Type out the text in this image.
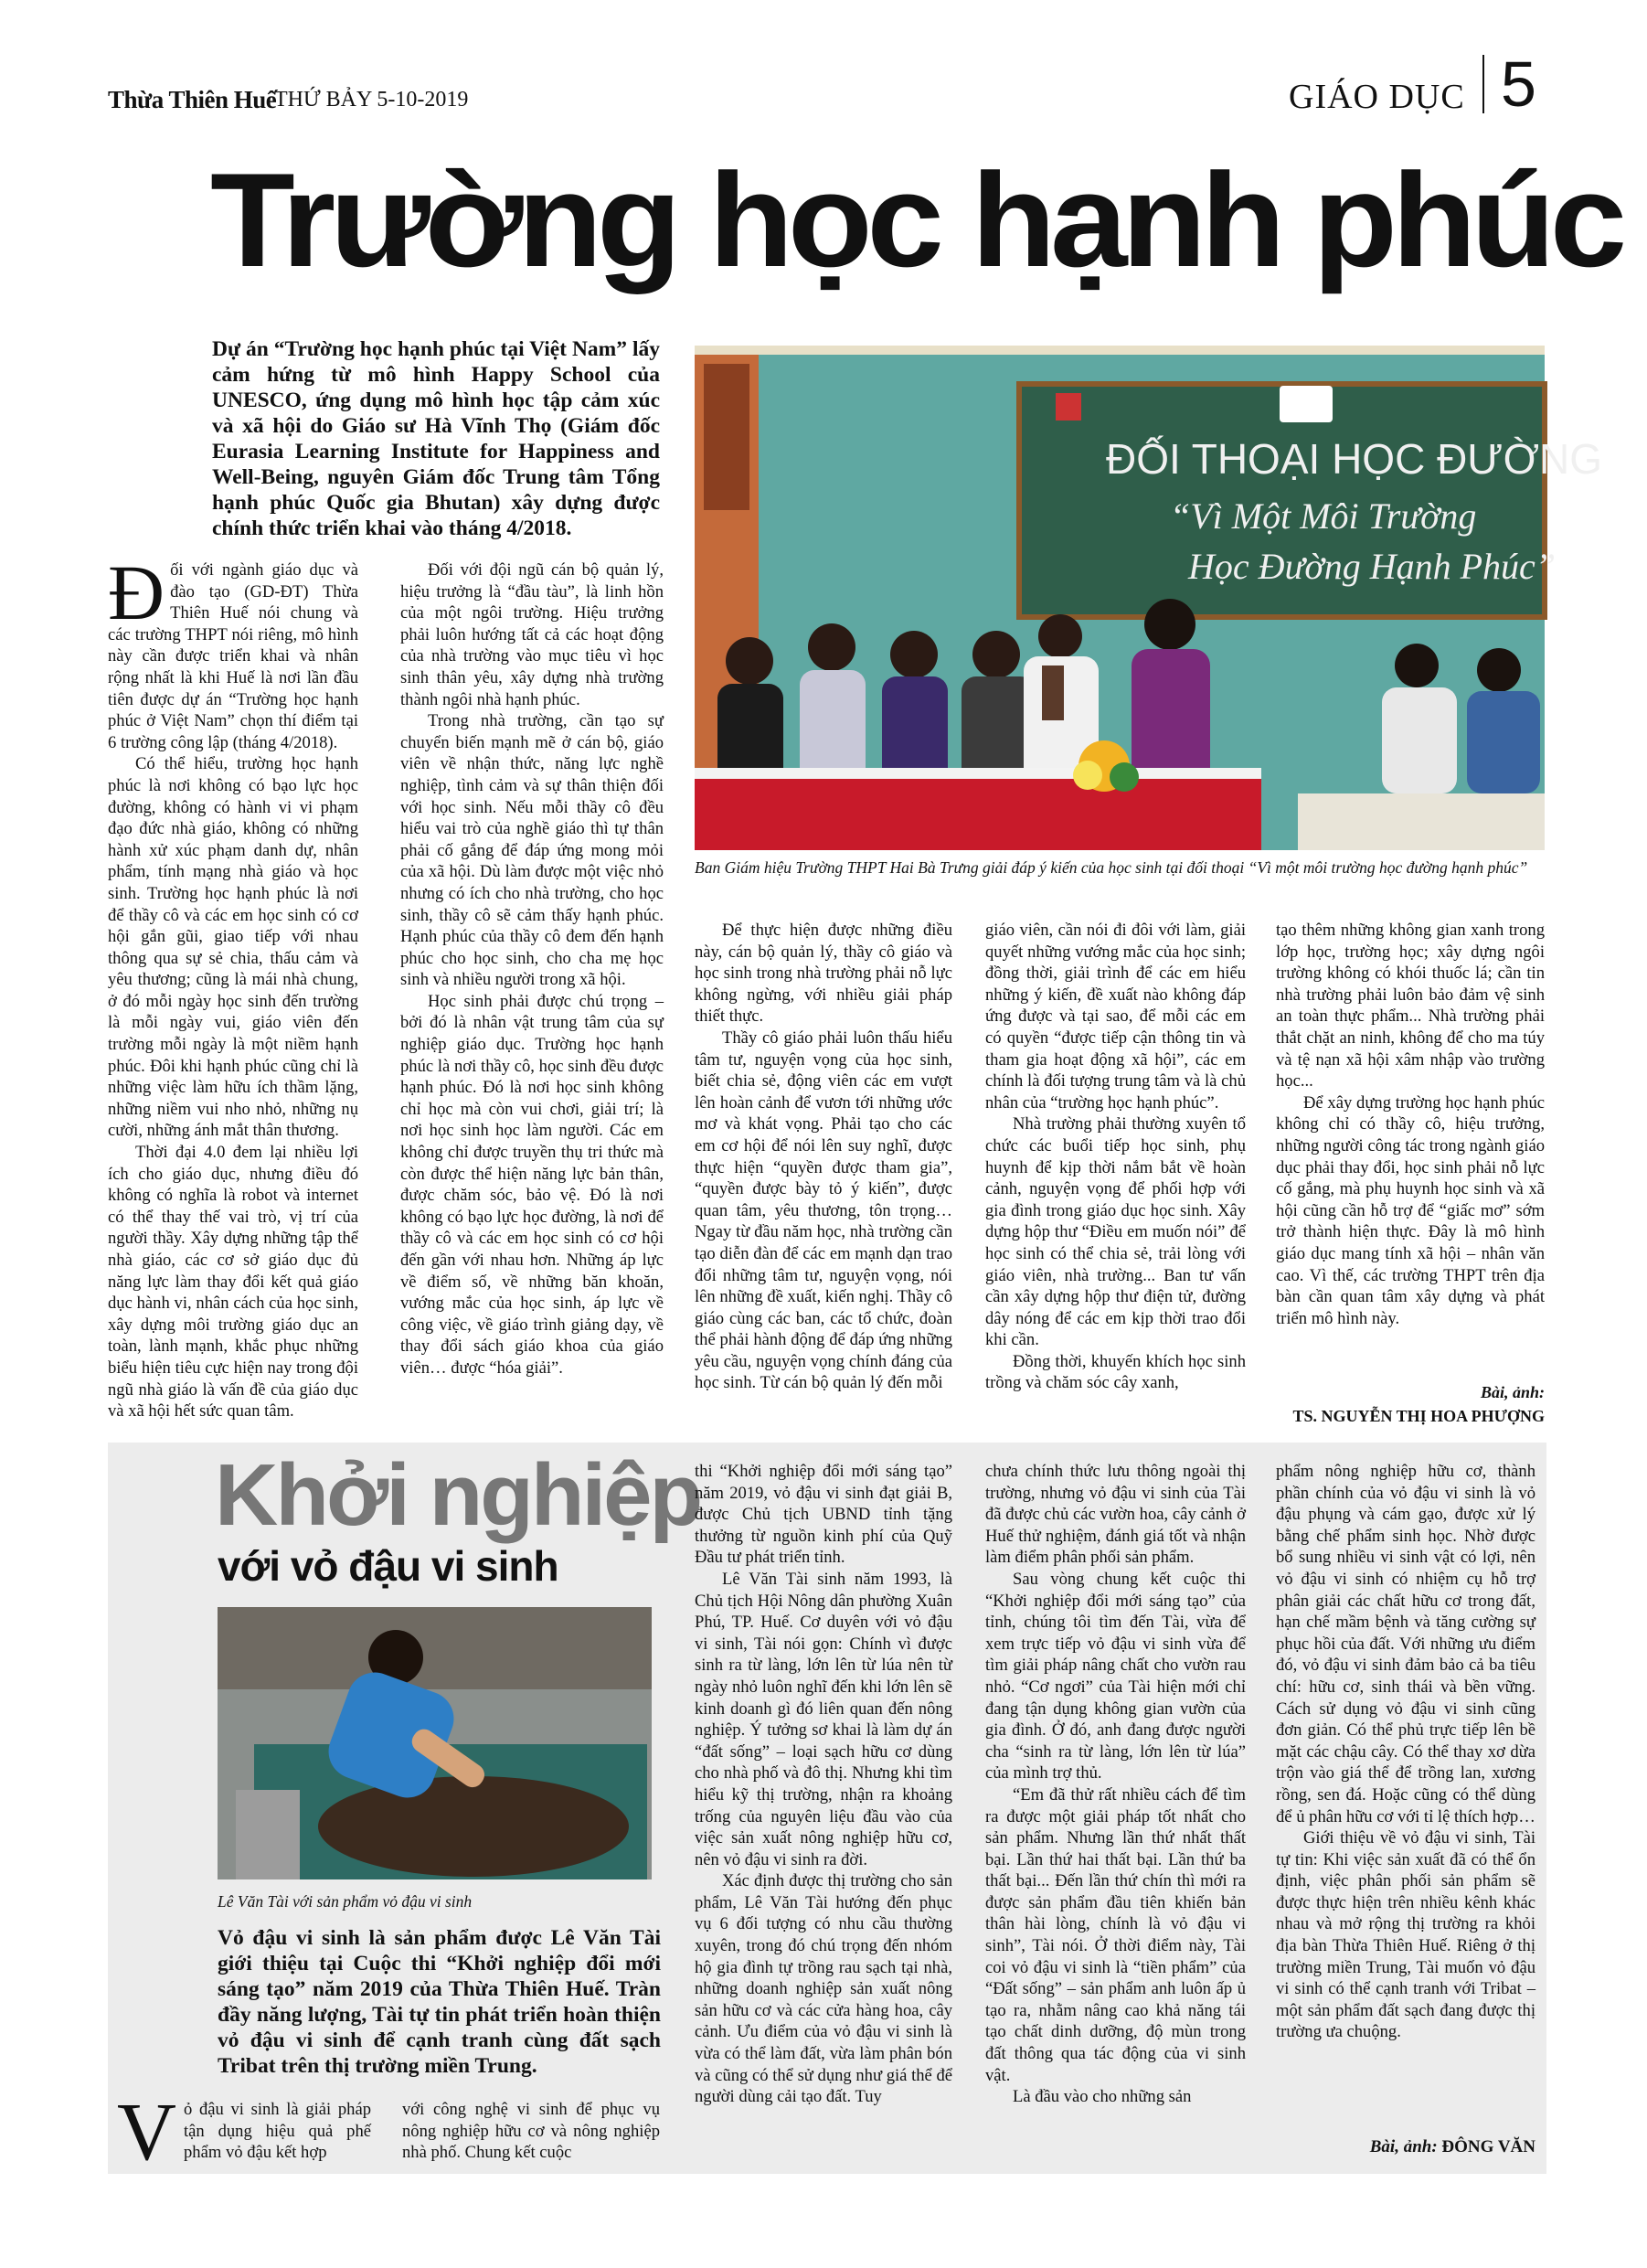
Thừa Thiên Huế
THỨ BẢY 5-10-2019	GIÁO DỤC 5
Trường học hạnh phúc
Dự án “Trường học hạnh phúc tại Việt Nam” lấy cảm hứng từ mô hình Happy School của UNESCO, ứng dụng mô hình học tập cảm xúc và xã hội do Giáo sư Hà Vĩnh Thọ (Giám đốc Eurasia Learning Institute for Happiness and Well-Being, nguyên Giám đốc Trung tâm Tổng hạnh phúc Quốc gia Bhutan) xây dựng được chính thức triển khai vào tháng 4/2018.
ĐỐI THOẠI HỌC ĐƯỜNG
“Vì Một Môi Trường
Học Đường Hạnh Phúc”
Ban Giám hiệu Trường THPT Hai Bà Trưng giải đáp ý kiến của học sinh tại đối thoại “Vì một môi trường học đường hạnh phúc”

Đối với ngành giáo dục và đào tạo (GD-ĐT) Thừa Thiên Huế nói chung và các trường THPT nói riêng, mô hình này cần được triển khai và nhân rộng nhất là khi Huế là nơi lần đầu tiên được dự án “Trường học hạnh phúc ở Việt Nam” chọn thí điểm tại 6 trường công lập (tháng 4/2018).

Có thể hiểu, trường học hạnh phúc là nơi không có bạo lực học đường, không có hành vi vi phạm đạo đức nhà giáo, không có những hành xử xúc phạm danh dự, nhân phẩm, tính mạng nhà giáo và học sinh. Trường học hạnh phúc là nơi để thầy cô và các em học sinh có cơ hội gắn gũi, giao tiếp với nhau thông qua sự sẻ chia, thấu cảm và yêu thương; cũng là mái nhà chung, ở đó mỗi ngày học sinh đến trường là mỗi ngày vui, giáo viên đến trường mỗi ngày là một niềm hạnh phúc. Đôi khi hạnh phúc cũng chỉ là những việc làm hữu ích thầm lặng, những niềm vui nho nhỏ, những nụ cười, những ánh mắt thân thương.

Thời đại 4.0 đem lại nhiều lợi ích cho giáo dục, nhưng điều đó không có nghĩa là robot và internet có thể thay thế vai trò, vị trí của người thầy. Xây dựng những tập thể nhà giáo, các cơ sở giáo dục đủ năng lực làm thay đổi kết quả giáo dục hành vi, nhân cách của học sinh, xây dựng môi trường giáo dục an toàn, lành mạnh, khắc phục những biểu hiện tiêu cực hiện nay trong đội ngũ nhà giáo là vấn đề của giáo dục và xã hội hết sức quan tâm.

Đối với đội ngũ cán bộ quản lý, hiệu trưởng là “đầu tàu”, là linh hồn của một ngôi trường. Hiệu trưởng phải luôn hướng tất cả các hoạt động của nhà trường vào mục tiêu vì học sinh thân yêu, xây dựng nhà trường thành ngôi nhà hạnh phúc.

Trong nhà trường, cần tạo sự chuyển biến mạnh mẽ ở cán bộ, giáo viên về nhận thức, năng lực nghề nghiệp, tình cảm và sự thân thiện đối với học sinh. Nếu mỗi thầy cô đều hiểu vai trò của nghề giáo thì tự thân phải cố gắng để đáp ứng mong mỏi của xã hội. Dù làm được một việc nhỏ nhưng có ích cho nhà trường, cho học sinh, thầy cô sẽ cảm thấy hạnh phúc. Hạnh phúc của thầy cô đem đến hạnh phúc cho học sinh, cho cha mẹ học sinh và nhiều người trong xã hội.

Học sinh phải được chú trọng – bởi đó là nhân vật trung tâm của sự nghiệp giáo dục. Trường học hạnh phúc là nơi thầy cô, học sinh đều được hạnh phúc. Đó là nơi học sinh không chỉ học mà còn vui chơi, giải trí; là nơi học sinh học làm người. Các em không chỉ được truyền thụ tri thức mà còn được thể hiện năng lực bản thân, được chăm sóc, bảo vệ. Đó là nơi không có bạo lực học đường, là nơi để thầy cô và các em học sinh có cơ hội đến gần với nhau hơn. Những áp lực về điểm số, về những băn khoăn, vướng mắc của học sinh, áp lực về công việc, về giáo trình giảng dạy, về thay đổi sách giáo khoa của giáo viên… được “hóa giải”.

Để thực hiện được những điều này, cán bộ quản lý, thầy cô giáo và học sinh trong nhà trường phải nỗ lực không ngừng, với nhiều giải pháp thiết thực.

Thầy cô giáo phải luôn thấu hiểu tâm tư, nguyện vọng của học sinh, biết chia sẻ, động viên các em vượt lên hoàn cảnh để vươn tới những ước mơ và khát vọng. Phải tạo cho các em cơ hội để nói lên suy nghĩ, được thực hiện “quyền được tham gia”, “quyền được bày tỏ ý kiến”, được quan tâm, yêu thương, tôn trọng… Ngay từ đầu năm học, nhà trường cần tạo diễn đàn để các em mạnh dạn trao đổi những tâm tư, nguyện vọng, nói lên những đề xuất, kiến nghị. Thầy cô giáo cùng các ban, các tổ chức, đoàn thể phải hành động để đáp ứng những yêu cầu, nguyện vọng chính đáng của học sinh. Từ cán bộ quản lý đến mỗi

giáo viên, cần nói đi đôi với làm, giải quyết những vướng mắc của học sinh; đồng thời, giải trình để các em hiểu những ý kiến, đề xuất nào không đáp ứng được và tại sao, để mỗi các em có quyền “được tiếp cận thông tin và tham gia hoạt động xã hội”, các em chính là đối tượng trung tâm và là chủ nhân của “trường học hạnh phúc”.

Nhà trường phải thường xuyên tổ chức các buổi tiếp học sinh, phụ huynh để kịp thời nắm bắt về hoàn cảnh, nguyện vọng để phối hợp với gia đình trong giáo dục học sinh. Xây dựng hộp thư “Điều em muốn nói” để học sinh có thể chia sẻ, trải lòng với giáo viên, nhà trường... Ban tư vấn cần xây dựng hộp thư điện tử, đường dây nóng để các em kịp thời trao đổi khi cần.

Đồng thời, khuyến khích học sinh trồng và chăm sóc cây xanh,

tạo thêm những không gian xanh trong lớp học, trường học; xây dựng ngôi trường không có khói thuốc lá; cần tin nhà trường phải luôn bảo đảm vệ sinh an toàn thực phẩm... Nhà trường phải thắt chặt an ninh, không để cho ma túy và tệ nạn xã hội xâm nhập vào trường học...

Để xây dựng trường học hạnh phúc không chỉ có thầy cô, hiệu trưởng, những người công tác trong ngành giáo dục phải thay đổi, học sinh phải nỗ lực cố gắng, mà phụ huynh học sinh và xã hội cũng cần hỗ trợ để “giấc mơ” sớm trở thành hiện thực. Đây là mô hình giáo dục mang tính xã hội – nhân văn cao. Vì thế, các trường THPT trên địa bàn cần quan tâm xây dựng và phát triển mô hình này.

Bài, ảnh:
TS. NGUYỄN THỊ HOA PHƯỢNG
Khởi nghiệp
với vỏ đậu vi sinh
Lê Văn Tài với sản phẩm vỏ đậu vi sinh
Vỏ đậu vi sinh là sản phẩm được Lê Văn Tài giới thiệu tại Cuộc thi “Khởi nghiệp đổi mới sáng tạo” năm 2019 của Thừa Thiên Huế. Tràn đầy năng lượng, Tài tự tin phát triển hoàn thiện vỏ đậu vi sinh để cạnh tranh cùng đất sạch Tribat trên thị trường miền Trung.

Vỏ đậu vi sinh là giải pháp tận dụng hiệu quả phế phẩm vỏ đậu kết hợp

với công nghệ vi sinh để phục vụ nông nghiệp hữu cơ và nông nghiệp nhà phố. Chung kết cuộc

thi “Khởi nghiệp đổi mới sáng tạo” năm 2019, vỏ đậu vi sinh đạt giải B, được Chủ tịch UBND tỉnh tặng thưởng từ nguồn kinh phí của Quỹ Đầu tư phát triển tỉnh.

Lê Văn Tài sinh năm 1993, là Chủ tịch Hội Nông dân phường Xuân Phú, TP. Huế. Cơ duyên với vỏ đậu vi sinh, Tài nói gọn: Chính vì được sinh ra từ làng, lớn lên từ lúa nên từ ngày nhỏ luôn nghĩ đến khi lớn lên sẽ kinh doanh gì đó liên quan đến nông nghiệp. Ý tưởng sơ khai là làm dự án “đất sống” – loại sạch hữu cơ dùng cho nhà phố và đô thị. Nhưng khi tìm hiểu kỹ thị trường, nhận ra khoảng trống của nguyên liệu đầu vào của việc sản xuất nông nghiệp hữu cơ, nên vỏ đậu vi sinh ra đời.

Xác định được thị trường cho sản phẩm, Lê Văn Tài hướng đến phục vụ 6 đối tượng có nhu cầu thường xuyên, trong đó chú trọng đến nhóm hộ gia đình tự trồng rau sạch tại nhà, những doanh nghiệp sản xuất nông sản hữu cơ và các cửa hàng hoa, cây cảnh. Ưu điểm của vỏ đậu vi sinh là vừa có thể làm đất, vừa làm phân bón và cũng có thể sử dụng như giá thể để người dùng cải tạo đất. Tuy

chưa chính thức lưu thông ngoài thị trường, nhưng vỏ đậu vi sinh của Tài đã được chủ các vườn hoa, cây cảnh ở Huế thử nghiệm, đánh giá tốt và nhận làm điểm phân phối sản phẩm.

Sau vòng chung kết cuộc thi “Khởi nghiệp đổi mới sáng tạo” của tỉnh, chúng tôi tìm đến Tài, vừa để xem trực tiếp vỏ đậu vi sinh vừa để tìm giải pháp nâng chất cho vườn rau nhỏ. “Cơ ngơi” của Tài hiện mới chỉ đang tận dụng không gian vườn của gia đình. Ở đó, anh đang được người cha “sinh ra từ làng, lớn lên từ lúa” của mình trợ thủ.

“Em đã thử rất nhiều cách để tìm ra được một giải pháp tốt nhất cho sản phẩm. Nhưng lần thứ nhất thất bại. Lần thứ hai thất bại. Lần thứ ba thất bại... Đến lần thứ chín thì mới ra được sản phẩm đầu tiên khiến bản thân hài lòng, chính là vỏ đậu vi sinh”, Tài nói. Ở thời điểm này, Tài coi vỏ đậu vi sinh là “tiền phẩm” của “Đất sống” – sản phẩm anh luôn ấp ủ tạo ra, nhằm nâng cao khả năng tái tạo chất dinh dưỡng, độ mùn trong đất thông qua tác động của vi sinh vật.

Là đầu vào cho những sản

phẩm nông nghiệp hữu cơ, thành phần chính của vỏ đậu vi sinh là vỏ đậu phụng và cám gạo, được xử lý bằng chế phẩm sinh học. Nhờ được bổ sung nhiều vi sinh vật có lợi, nên vỏ đậu vi sinh có nhiệm cụ hỗ trợ phân giải các chất hữu cơ trong đất, hạn chế mầm bệnh và tăng cường sự phục hồi của đất. Với những ưu điểm đó, vỏ đậu vi sinh đảm bảo cả ba tiêu chí: hữu cơ, sinh thái và bền vững. Cách sử dụng vỏ đậu vi sinh cũng đơn giản. Có thể phủ trực tiếp lên bề mặt các chậu cây. Có thể thay xơ dừa trộn vào giá thể để trồng lan, xương rồng, sen đá. Hoặc cũng có thể dùng để ủ phân hữu cơ với tỉ lệ thích hợp…

Giới thiệu về vỏ đậu vi sinh, Tài tự tin: Khi việc sản xuất đã có thể ổn định, việc phân phối sản phẩm sẽ được thực hiện trên nhiều kênh khác nhau và mở rộng thị trường ra khỏi địa bàn Thừa Thiên Huế. Riêng ở thị trường miền Trung, Tài muốn vỏ đậu vi sinh có thể cạnh tranh với Tribat – một sản phẩm đất sạch đang được thị trường ưa chuộng.

Bài, ảnh: ĐÔNG VĂN
